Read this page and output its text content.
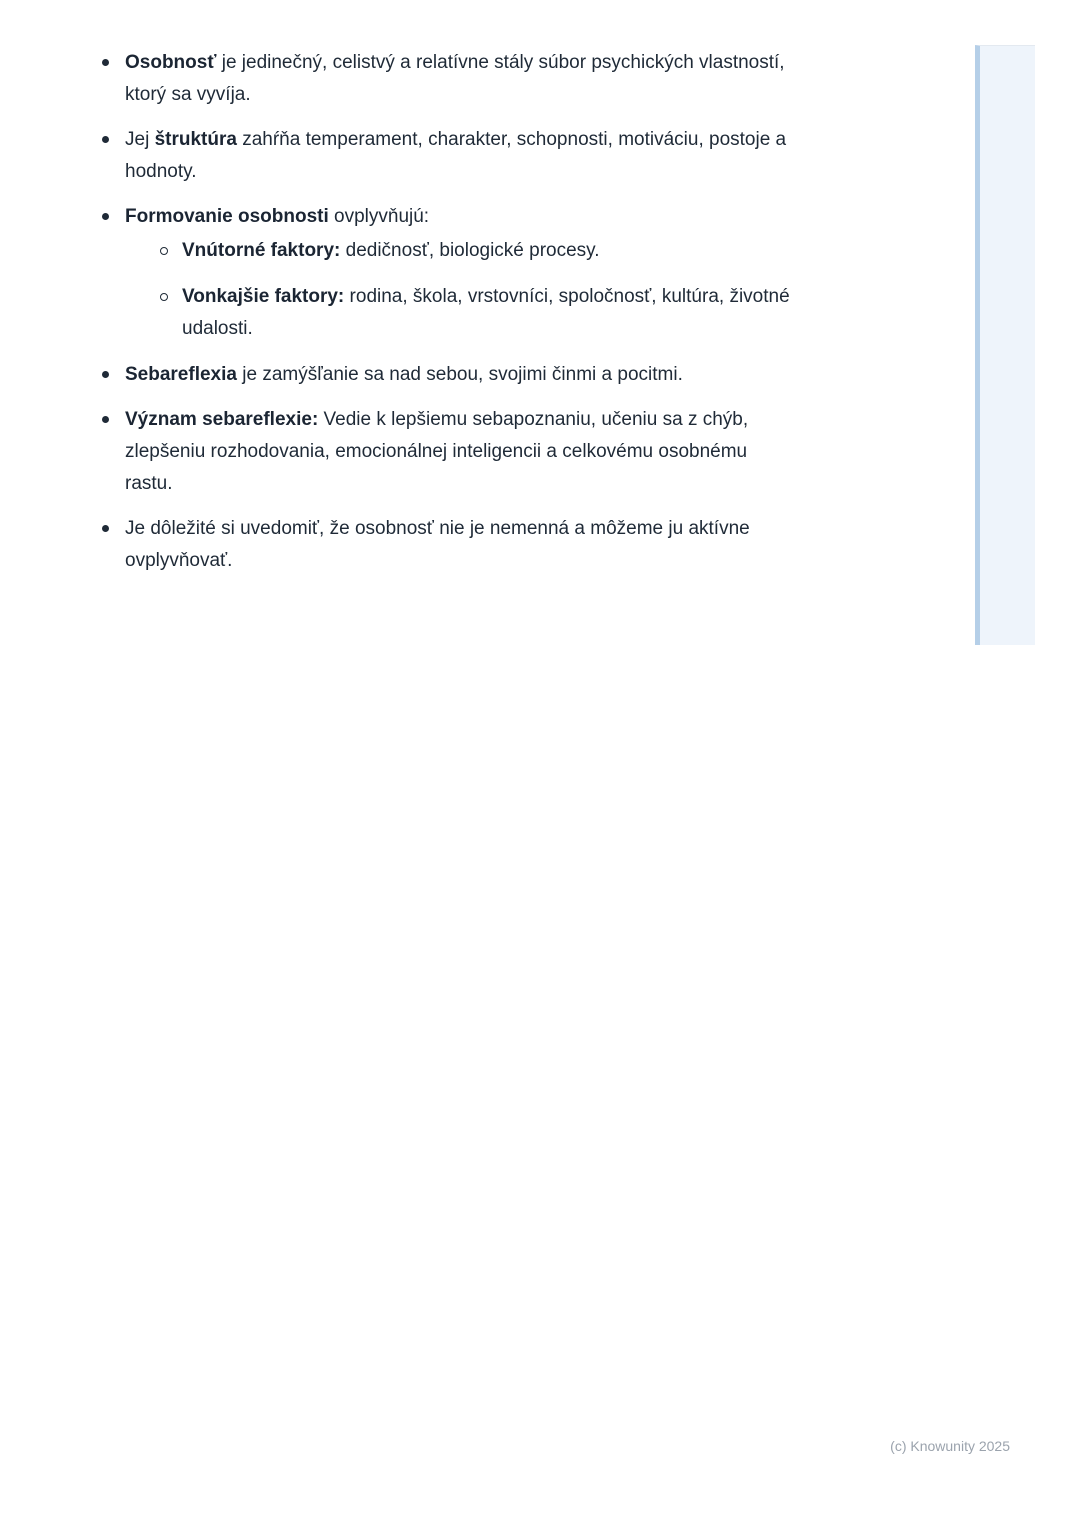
Osobnosť je jedinečný, celistvý a relatívne stály súbor psychických vlastností, ktorý sa vyvíja.
Jej štruktúra zahŕňa temperament, charakter, schopnosti, motiváciu, postoje a hodnoty.
Formovanie osobnosti ovplyvňujú:
Vnútorné faktory: dedičnosť, biologické procesy.
Vonkajšie faktory: rodina, škola, vrstovníci, spoločnosť, kultúra, životné udalosti.
Sebareflexia je zamýšľanie sa nad sebou, svojimi činmi a pocitmi.
Význam sebareflexie: Vedie k lepšiemu sebapoznaniu, učeniu sa z chýb, zlepšeniu rozhodovania, emocionálnej inteligencii a celkovému osobnému rastu.
Je dôležité si uvedomiť, že osobnosť nie je nemenná a môžeme ju aktívne ovplyvňovať.
(c) Knowunity 2025
